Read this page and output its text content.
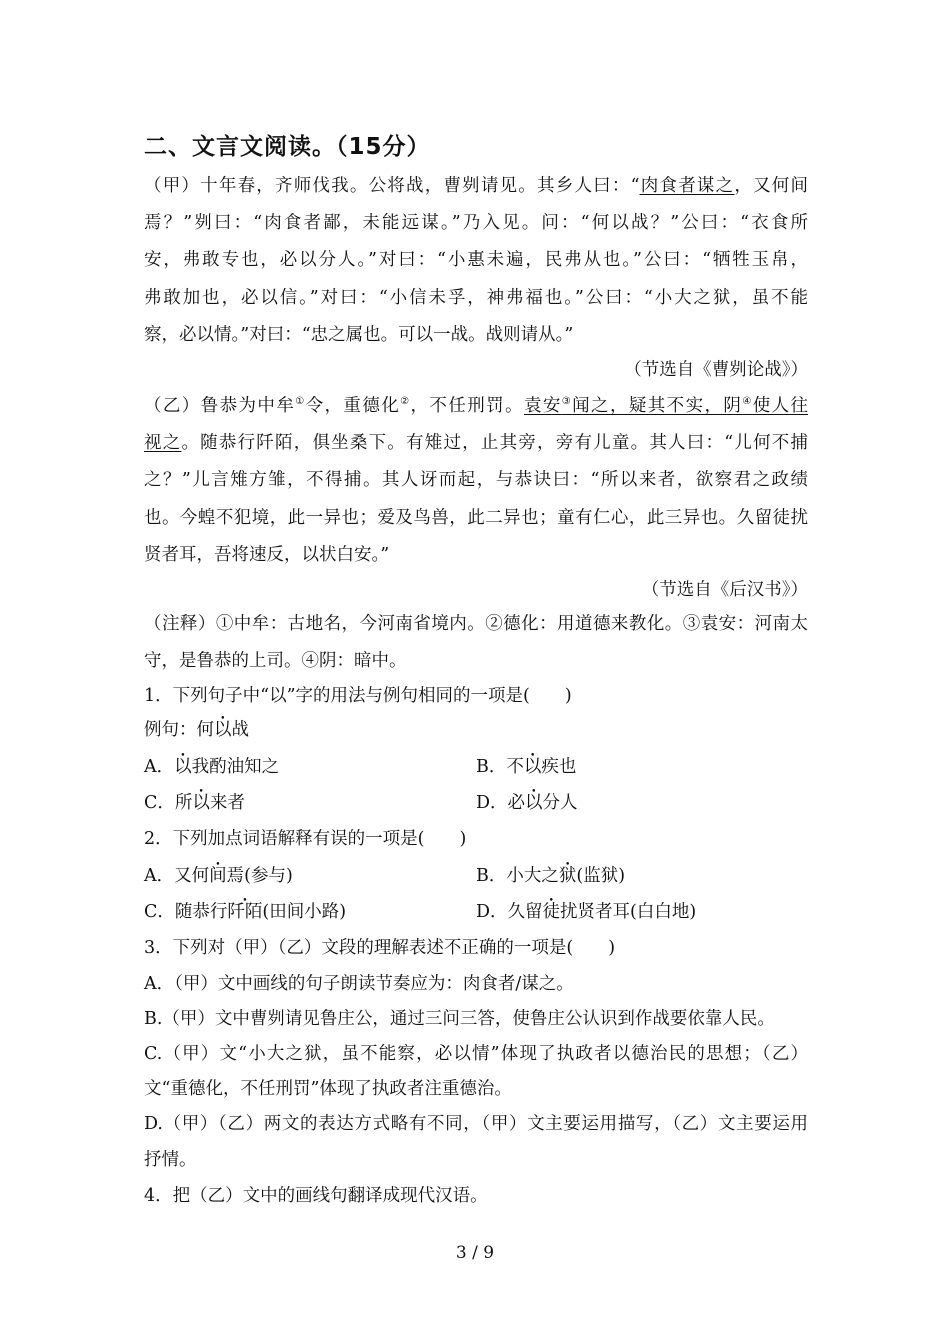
二、文言文阅读。（15分）
（甲）十年春，齐师伐我。公将战，曹刿请见。其乡人曰：“肉食者谋之，又何间
焉？”刿曰：“肉食者鄙，未能远谋。”乃入见。问：“何以战？”公曰：“衣食所
安，弗敢专也，必以分人。”对曰：“小惠未遍，民弗从也。”公曰：“牺牲玉帛，
弗敢加也，必以信。”对曰：“小信未孚，神弗福也。”公曰：“小大之狱，虽不能
察，必以情。”对曰：“忠之属也。可以一战。战则请从。”
（节选自《曹刿论战》）
（乙）鲁恭为中牟①令，重德化②，不任刑罚。袁安③闻之，疑其不实，阴④使人往
视之。随恭行阡陌，俱坐桑下。有雉过，止其旁，旁有儿童。其人曰：“儿何不捕
之？”儿言雉方雏，不得捕。其人讶而起，与恭诀曰：“所以来者，欲察君之政绩
也。今蝗不犯境，此一异也；爱及鸟兽，此二异也；童有仁心，此三异也。久留徒扰
贤者耳，吾将速反，以状白安。”
（节选自《后汉书》）
（注释）①中牟：古地名，今河南省境内。②德化：用道德来教化。③袁安：河南太
守，是鲁恭的上司。④阴：暗中。
1．下列句子中“以”字的用法与例句相同的一项是(　　)
例句：何以战
A．以我酌油知之	B．不以疾也
C．所以来者	D．必以分人
2．下列加点词语解释有误的一项是(　　)
A．又何间焉(参与)	B．小大之狱(监狱)
C．随恭行阡陌(田间小路)	D．久留徒扰贤者耳(白白地)
3．下列对（甲）（乙）文段的理解表述不正确的一项是(　　)
A．（甲）文中画线的句子朗读节奏应为：肉食者/谋之。
B.（甲）文中曹刿请见鲁庄公，通过三问三答，使鲁庄公认识到作战要依靠人民。
C.（甲）文“小大之狱，虽不能察，必以情”体现了执政者以德治民的思想；（乙）
文“重德化，不任刑罚”体现了执政者注重德治。
D.（甲）（乙）两文的表达方式略有不同，（甲）文主要运用描写，（乙）文主要运用
抒情。
4．把（乙）文中的画线句翻译成现代汉语。
3 / 9
